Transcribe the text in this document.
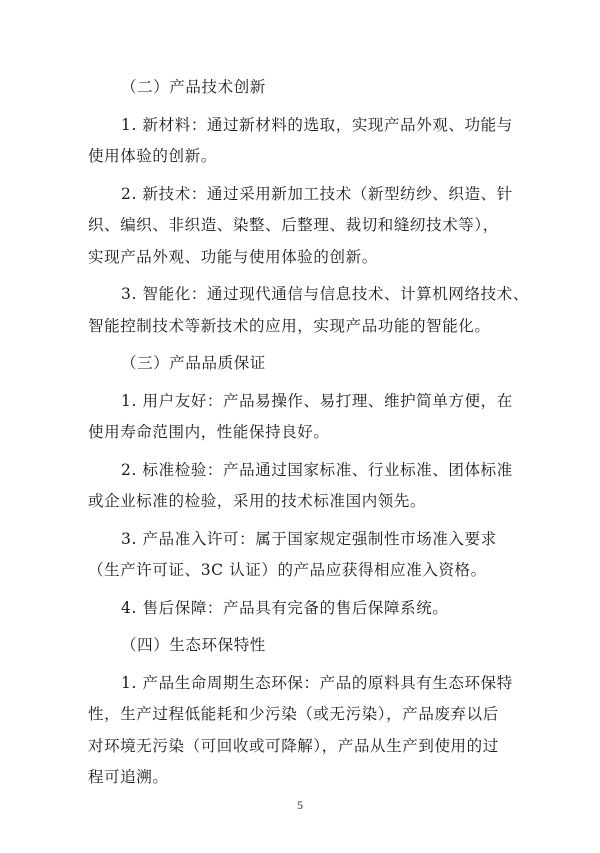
（二）产品技术创新
1. 新材料：通过新材料的选取，实现产品外观、功能与
使用体验的创新。
2. 新技术：通过采用新加工技术（新型纺纱、织造、针
织、编织、非织造、染整、后整理、裁切和缝纫技术等），
实现产品外观、功能与使用体验的创新。
3. 智能化：通过现代通信与信息技术、计算机网络技术、
智能控制技术等新技术的应用，实现产品功能的智能化。
（三）产品品质保证
1. 用户友好：产品易操作、易打理、维护简单方便，在
使用寿命范围内，性能保持良好。
2. 标准检验：产品通过国家标准、行业标准、团体标准
或企业标准的检验，采用的技术标准国内领先。
3. 产品准入许可：属于国家规定强制性市场准入要求
（生产许可证、3C 认证）的产品应获得相应准入资格。
4. 售后保障：产品具有完备的售后保障系统。
（四）生态环保特性
1. 产品生命周期生态环保：产品的原料具有生态环保特
性，生产过程低能耗和少污染（或无污染），产品废弃以后
对环境无污染（可回收或可降解），产品从生产到使用的过
程可追溯。
5
